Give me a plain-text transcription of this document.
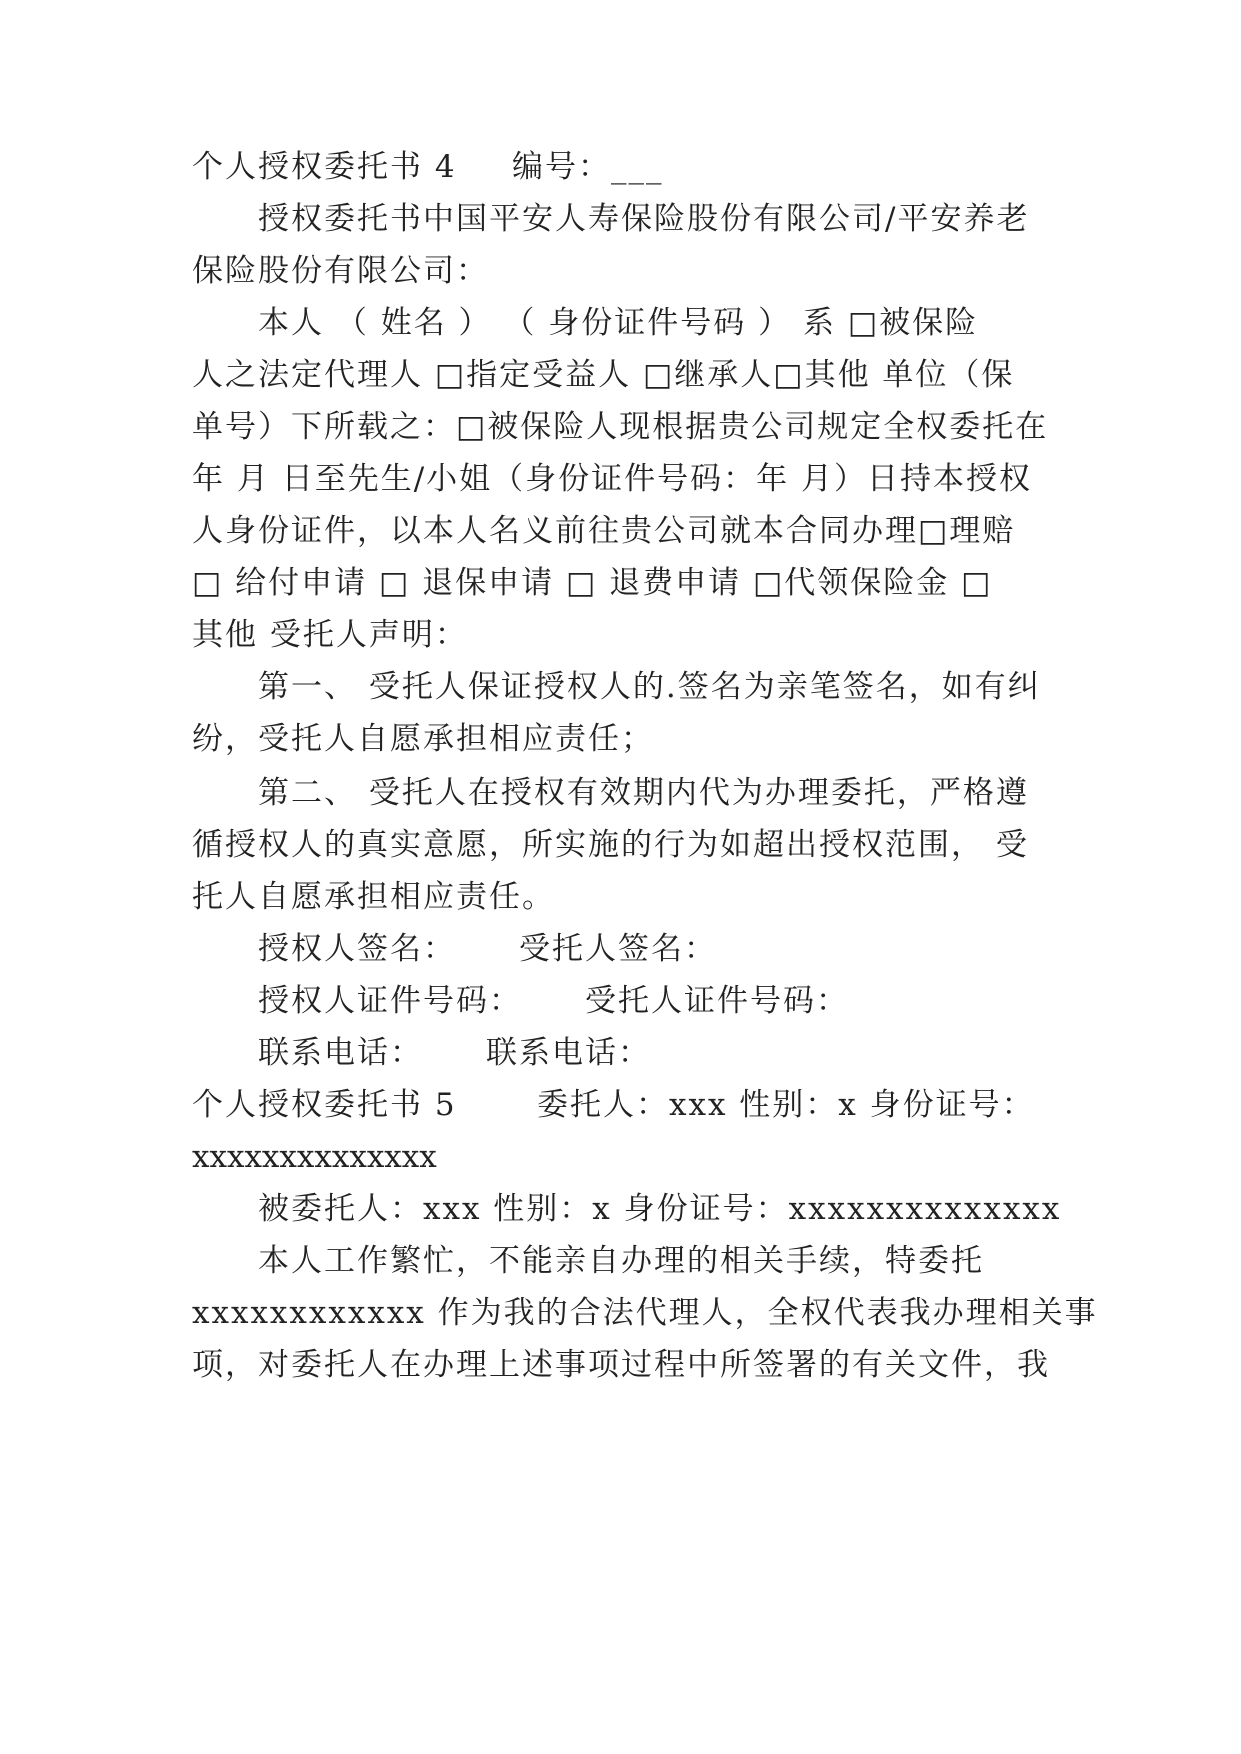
个人授权委托书 4

编号：___

授权委托书中国平安人寿保险股份有限公司/平安养老

保险股份有限公司：

本人 （ 姓名 ） （ 身份证件号码 ） 系 □被保险

人之法定代理人 □指定受益人 □继承人□其他 单位（保

单号）下所载之：□被保险人现根据贵公司规定全权委托在

年 月 日至先生/小姐（身份证件号码：年 月）日持本授权

人身份证件，以本人名义前往贵公司就本合同办理□理赔

□ 给付申请 □ 退保申请 □ 退费申请 □代领保险金 □

其他 受托人声明：

第一、 受托人保证授权人的.签名为亲笔签名，如有纠

纷，受托人自愿承担相应责任；

第二、 受托人在授权有效期内代为办理委托，严格遵

循授权人的真实意愿，所实施的行为如超出授权范围， 受

托人自愿承担相应责任。

授权人签名：

受托人签名：

授权人证件号码：

受托人证件号码：

联系电话：

联系电话：

个人授权委托书 5

	委托人：xxx 性别：x 身份证号：

xxxxxxxxxxxxxx

被委托人：xxx 性别：x 身份证号：xxxxxxxxxxxxxx

本人工作繁忙，不能亲自办理的相关手续，特委托

xxxxxxxxxxxx 作为我的合法代理人，全权代表我办理相关事

项，对委托人在办理上述事项过程中所签署的有关文件，我
